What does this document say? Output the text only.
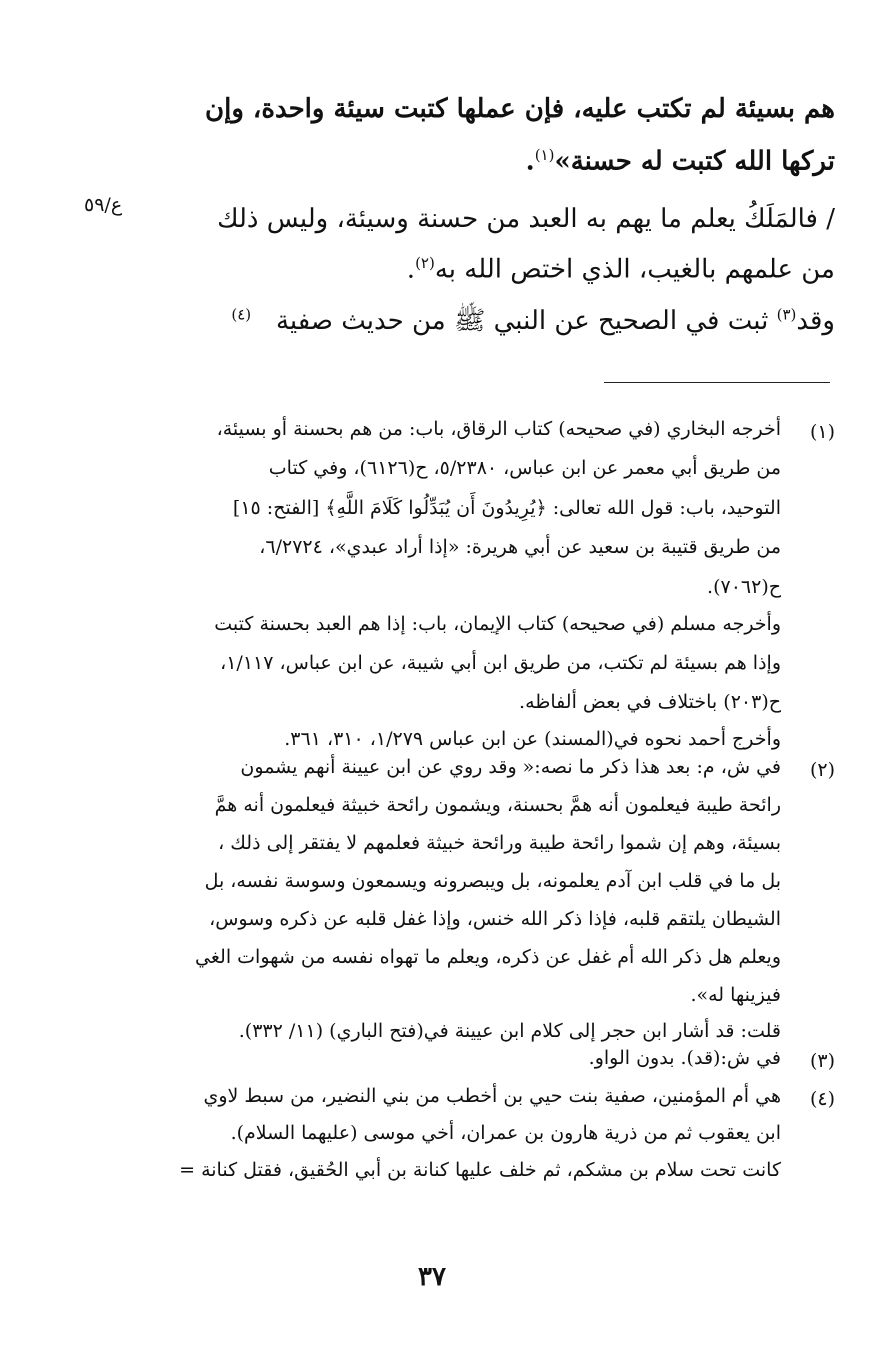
ع/٥٩
هم بسيئة لم تكتب عليه، فإن عملها كتبت سيئة واحدة، وإن
تركها الله كتبت له حسنة»$^{(١)}$.
/ فالمَلَكُ يعلم ما يهم به العبد من حسنة وسيئة، وليس ذلك
من علمهم بالغيب، الذي اختص الله به$^{(٢)}$.
وقد$^{(٣)}$ ثبت في الصحيح عن النبي ﷺ من حديث صفية   $^{(٤)}$
(١)
أخرجه البخاري (في صحيحه) كتاب الرقاق، باب: من هم بحسنة أو بسيئة،
من طريق أبي معمر عن ابن عباس، ٥/٢٣٨٠، ح(٦١٢٦)، وفي كتاب
التوحيد، باب: قول الله تعالى: ﴿يُرِيدُونَ أَن يُبَدِّلُوا كَلَامَ اللَّهِ﴾ [الفتح: ١٥]
من طريق قتيبة بن سعيد عن أبي هريرة: «إذا أراد عبدي»، ٦/٢٧٢٤،
ح(٧٠٦٢).
وأخرجه مسلم (في صحيحه) كتاب الإيمان، باب: إذا هم العبد بحسنة كتبت
وإذا هم بسيئة لم تكتب، من طريق ابن أبي شيبة، عن ابن عباس، ١/١١٧،
ح(٢٠٣) باختلاف في بعض ألفاظه.
وأخرج أحمد نحوه في(المسند) عن ابن عباس ١/٢٧٩، ٣١٠، ٣٦١.
(٢)
في ش، م: بعد هذا ذكر ما نصه:« وقد روي عن ابن عيينة أنهم يشمون
رائحة طيبة فيعلمون أنه همَّ بحسنة، ويشمون رائحة خبيثة فيعلمون أنه همَّ
بسيئة، وهم إن شموا رائحة طيبة ورائحة خبيثة فعلمهم لا يفتقر إلى ذلك ،
بل ما في قلب ابن آدم يعلمونه، بل ويبصرونه ويسمعون وسوسة نفسه، بل
الشيطان يلتقم قلبه، فإذا ذكر الله خنس، وإذا غفل قلبه عن ذكره وسوس،
ويعلم هل ذكر الله أم غفل عن ذكره، ويعلم ما تهواه نفسه من شهوات الغي
فيزينها له».
قلت: قد أشار ابن حجر إلى كلام ابن عيينة في(فتح الباري) (١١/ ٣٣٢).
(٣)
في ش:(قد). بدون الواو.
(٤)
هي أم المؤمنين، صفية بنت حيي بن أخطب من بني النضير، من سبط لاوي
ابن يعقوب ثم من ذرية هارون بن عمران، أخي موسى (عليهما السلام).
كانت تحت سلام بن مشكم، ثم خلف عليها كنانة بن أبي الحُقيق، فقتل كنانة =
٣٧
